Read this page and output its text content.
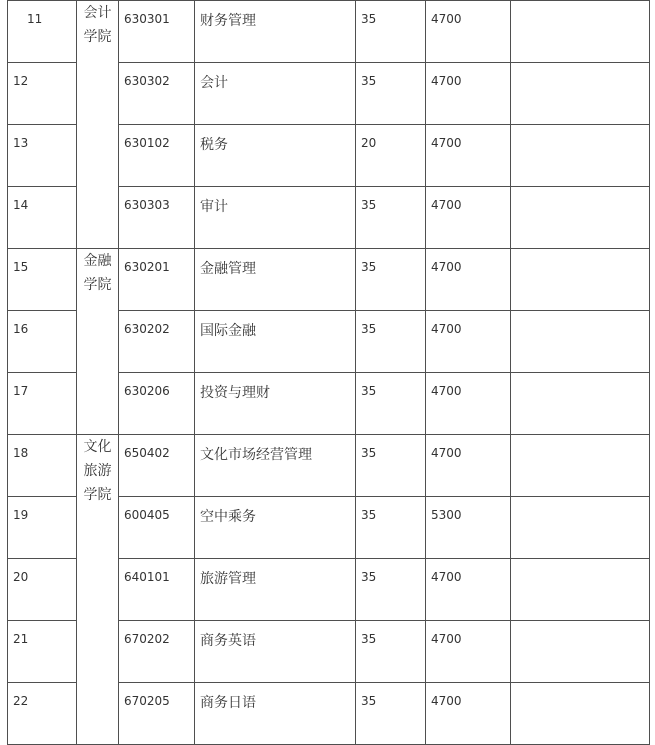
11	会计学院	630301	财务管理	35	4700	

12		630302	会计	35	4700	

13		630102	税务	20	4700	

14		630303	审计	35	4700	

15	金融学院	630201	金融管理	35	4700	

16		630202	国际金融	35	4700	

17		630206	投资与理财	35	4700	

18	文化旅游学院	650402	文化市场经营管理	35	4700	

19		600405	空中乘务	35	5300	

20		640101	旅游管理	35	4700	

21		670202	商务英语	35	4700	

22		670205	商务日语	35	4700	
